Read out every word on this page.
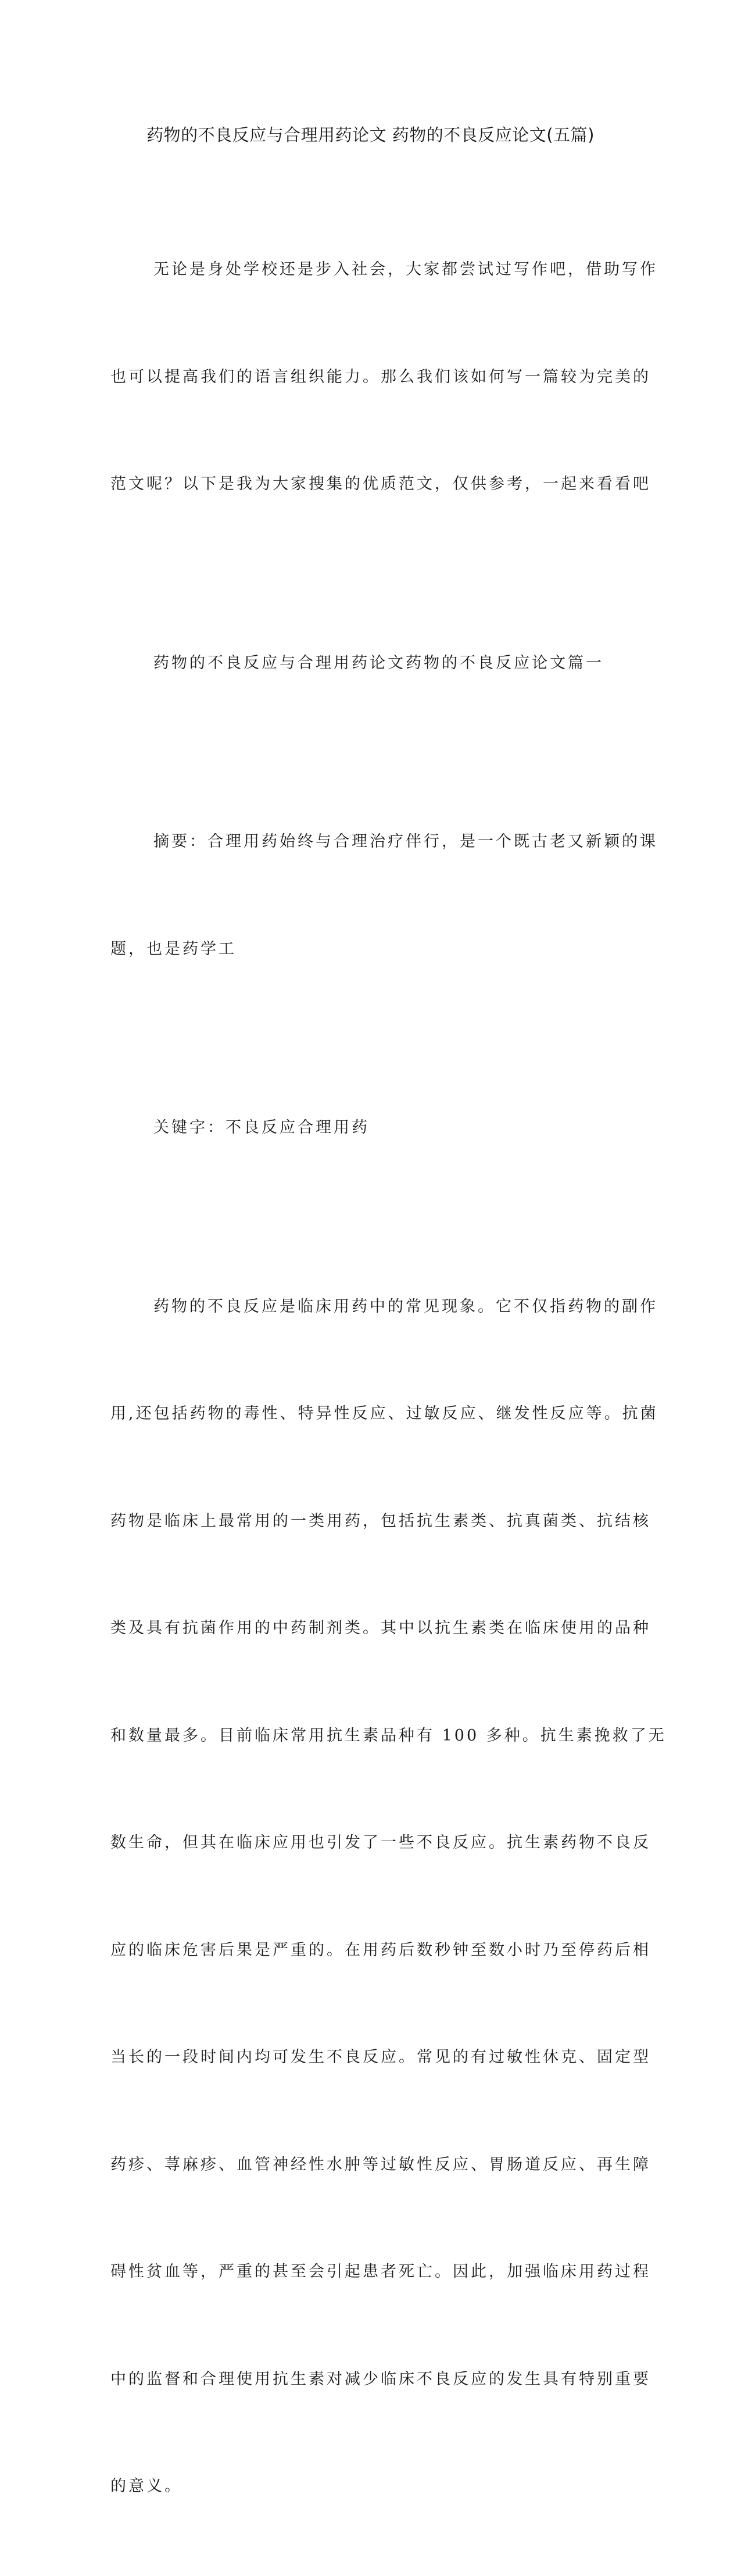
药物的不良反应与合理用药论文 药物的不良反应论文(五篇)

无论是身处学校还是步入社会，大家都尝试过写作吧，借助写作

也可以提高我们的语言组织能力。那么我们该如何写一篇较为完美的

范文呢？以下是我为大家搜集的优质范文，仅供参考，一起来看看吧

药物的不良反应与合理用药论文药物的不良反应论文篇一

摘要：合理用药始终与合理治疗伴行，是一个既古老又新颖的课

题，也是药学工

关键字：不良反应合理用药

药物的不良反应是临床用药中的常见现象。它不仅指药物的副作

用,还包括药物的毒性、特异性反应、过敏反应、继发性反应等。抗菌

药物是临床上最常用的一类用药，包括抗生素类、抗真菌类、抗结核

类及具有抗菌作用的中药制剂类。其中以抗生素类在临床使用的品种

和数量最多。目前临床常用抗生素品种有 100 多种。抗生素挽救了无

数生命，但其在临床应用也引发了一些不良反应。抗生素药物不良反

应的临床危害后果是严重的。在用药后数秒钟至数小时乃至停药后相

当长的一段时间内均可发生不良反应。常见的有过敏性休克、固定型

药疹、荨麻疹、血管神经性水肿等过敏性反应、胃肠道反应、再生障

碍性贫血等，严重的甚至会引起患者死亡。因此，加强临床用药过程

中的监督和合理使用抗生素对减少临床不良反应的发生具有特别重要

的意义。
